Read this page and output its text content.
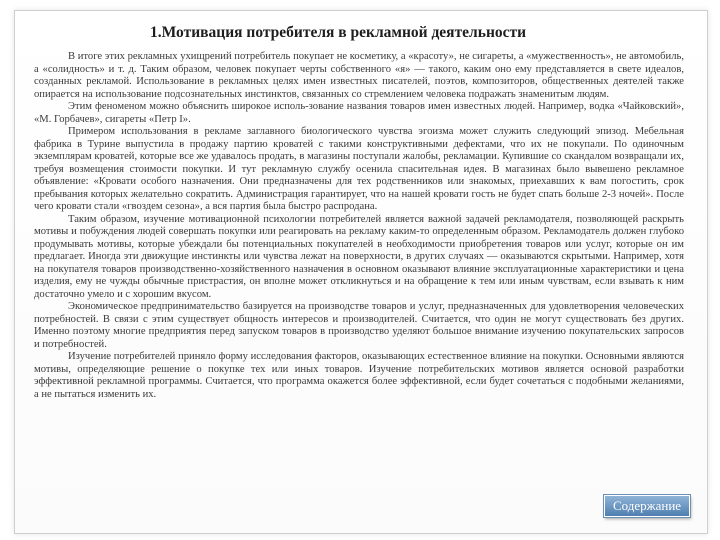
1.Мотивация потребителя в рекламной деятельности

В итоге этих рекламных ухищрений потребитель покупает не косметику, а «красоту», не сигареты, а «мужественность», не автомобиль, а «солидность» и т. д. Таким образом, человек покупает черты собственного «я» — такого, каким оно ему представляется в свете идеалов, созданных рекламой. Использование в рекламных целях имен известных писателей, поэтов, композиторов, общественных деятелей также опирается на использование подсознательных инстинктов, связанных со стремлением человека подражать знаменитым людям.

Этим феноменом можно объяснить широкое исполь-зование названия товаров имен известных людей. Например, водка «Чайковский», «М. Горбачев», сигареты «Петр I».

Примером использования в рекламе заглавного биологического чувства эгоизма может служить следующий эпизод. Мебельная фабрика в Турине выпустила в продажу партию кроватей с такими конструктивными дефектами, что их не покупали. По одиночным экземплярам кроватей, которые все же удавалось продать, в магазины поступали жалобы, рекламации. Купившие со скандалом возвращали их, требуя возмещения стоимости покупки. И тут рекламную службу осенила спасительная идея. В магазинах было вывешено рекламное объявление: «Кровати особого назначения. Они предназначены для тех родственников или знакомых, приехавших к вам погостить, срок пребывания которых желательно сократить. Администрация гарантирует, что на нашей кровати гость не будет спать больше 2-3 ночей». После чего кровати стали «гвоздем сезона», а вся партия была быстро распродана.

Таким образом, изучение мотивационной психологии потребителей является важной задачей рекламодателя, позволяющей раскрыть мотивы и побуждения людей совершать покупки или реагировать на рекламу каким-то определенным образом. Рекламодатель должен глубоко продумывать мотивы, которые убеждали бы потенциальных покупателей в необходимости приобретения товаров или услуг, которые он им предлагает. Иногда эти движущие инстинкты или чувства лежат на поверхности, в других случаях — оказываются скрытыми. Например, хотя на покупателя товаров производственно-хозяйственного назначения в основном оказывают влияние эксплуатационные характеристики и цена изделия, ему не чужды обычные пристрастия, он вполне может откликнуться и на обращение к тем или иным чувствам, если взывать к ним достаточно умело и с хорошим вкусом.

Экономическое предпринимательство базируется на производстве товаров и услуг, предназначенных для удовлетворения человеческих потребностей. В связи с этим существует общность интересов и производителей. Считается, что один не могут существовать без других. Именно поэтому многие предприятия перед запуском товаров в производство уделяют большое внимание изучению покупательских запросов и потребностей.

Изучение потребителей приняло форму исследования факторов, оказывающих естественное влияние на покупки. Основными являются мотивы, определяющие решение о покупке тех или иных товаров. Изучение потребительских мотивов является основой разработки эффективной рекламной программы. Считается, что программа окажется более эффективной, если будет сочетаться с подобными желаниями, а не пытаться изменить их.

Содержание
